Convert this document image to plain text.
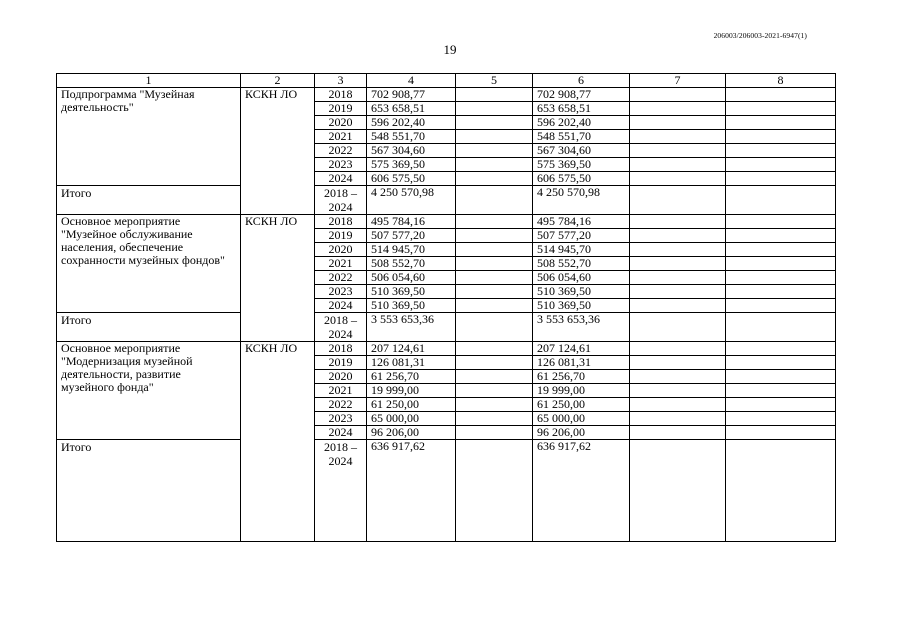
206003/206003-2021-6947(1)
19
1	2	3	4	5	6	7	8
Подпрограмма "Музейная деятельность"	КСКН ЛО	2018	702 908,77		702 908,77		
		2019	653 658,51		653 658,51		
		2020	596 202,40		596 202,40		
		2021	548 551,70		548 551,70		
		2022	567 304,60		567 304,60		
		2023	575 369,50		575 369,50		
		2024	606 575,50		606 575,50		
Итого		2018 – 2024	4 250 570,98		4 250 570,98		
Основное мероприятие "Музейное обслуживание населения, обеспечение сохранности музейных фондов"	КСКН ЛО	2018	495 784,16		495 784,16		
		2019	507 577,20		507 577,20		
		2020	514 945,70		514 945,70		
		2021	508 552,70		508 552,70		
		2022	506 054,60		506 054,60		
		2023	510 369,50		510 369,50		
		2024	510 369,50		510 369,50		
Итого		2018 – 2024	3 553 653,36		3 553 653,36		
Основное мероприятие "Модернизация музейной деятельности, развитие музейного фонда"	КСКН ЛО	2018	207 124,61		207 124,61		
		2019	126 081,31		126 081,31		
		2020	61 256,70		61 256,70		
		2021	19 999,00		19 999,00		
		2022	61 250,00		61 250,00		
		2023	65 000,00		65 000,00		
		2024	96 206,00		96 206,00		
Итого		2018 – 2024	636 917,62		636 917,62		
